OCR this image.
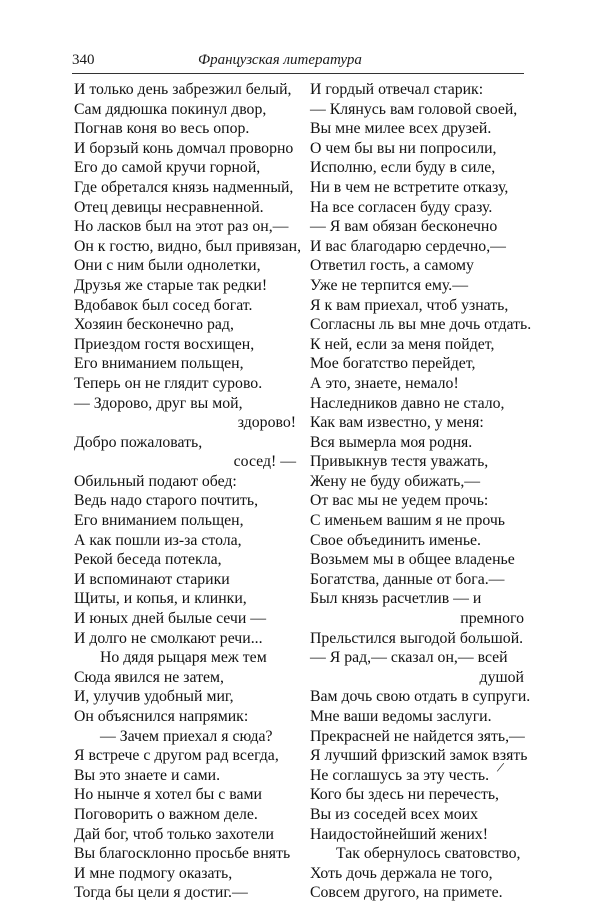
340	Французская литература
И только день забрезжил белый,
Сам дядюшка покинул двор,
Погнав коня во весь опор.
И борзый конь домчал проворно
Его до самой кручи горной,
Где обретался князь надменный,
Отец девицы несравненной.
Но ласков был на этот раз он,—
Он к гостю, видно, был привязан,
Они с ним были однолетки,
Друзья же старые так редки!
Вдобавок был сосед богат.
Хозяин бесконечно рад,
Приездом гостя восхищен,
Его вниманием польщен,
Теперь он не глядит сурово.
— Здорово, друг вы мой,
здорово!
Добро пожаловать,
сосед! —
Обильный подают обед:
Ведь надо старого почтить,
Его вниманием польщен,
А как пошли из-за стола,
Рекой беседа потекла,
И вспоминают старики
Щиты, и копья, и клинки,
И юных дней былые сечи —
И долго не смолкают речи...
Но дядя рыцаря меж тем
Сюда явился не затем,
И, улучив удобный миг,
Он объяснился напрямик:
— Зачем приехал я сюда?
Я встрече с другом рад всегда,
Вы это знаете и сами.
Но нынче я хотел бы с вами
Поговорить о важном деле.
Дай бог, чтоб только захотели
Вы благосклонно просьбе внять
И мне подмогу оказать,
Тогда бы цели я достиг.—
И гордый отвечал старик:
— Клянусь вам головой своей,
Вы мне милее всех друзей.
О чем бы вы ни попросили,
Исполню, если буду в силе,
Ни в чем не встретите отказу,
На все согласен буду сразу.
— Я вам обязан бесконечно
И вас благодарю сердечно,—
Ответил гость, а самому
Уже не терпится ему.—
Я к вам приехал, чтоб узнать,
Согласны ль вы мне дочь отдать.
К ней, если за меня пойдет,
Мое богатство перейдет,
А это, знаете, немало!
Наследников давно не стало,
Как вам известно, у меня:
Вся вымерла моя родня.
Привыкнув тестя уважать,
Жену не буду обижать,—
От вас мы не уедем прочь:
С именьем вашим я не прочь
Свое объединить именье.
Возьмем мы в общее владенье
Богатства, данные от бога.—
Был князь расчетлив — и
премного
Прельстился выгодой большой.
— Я рад,— сказал он,— всей
душой
Вам дочь свою отдать в супруги.
Мне ваши ведомы заслуги.
Прекрасней не найдется зять,—
Я лучший фризский замок взять
Не соглашусь за эту честь.
Кого бы здесь ни перечесть,
Вы из соседей всех моих
Наидостойнейший жених!
Так обернулось сватовство,
Хоть дочь держала не того,
Совсем другого, на примете.
/
